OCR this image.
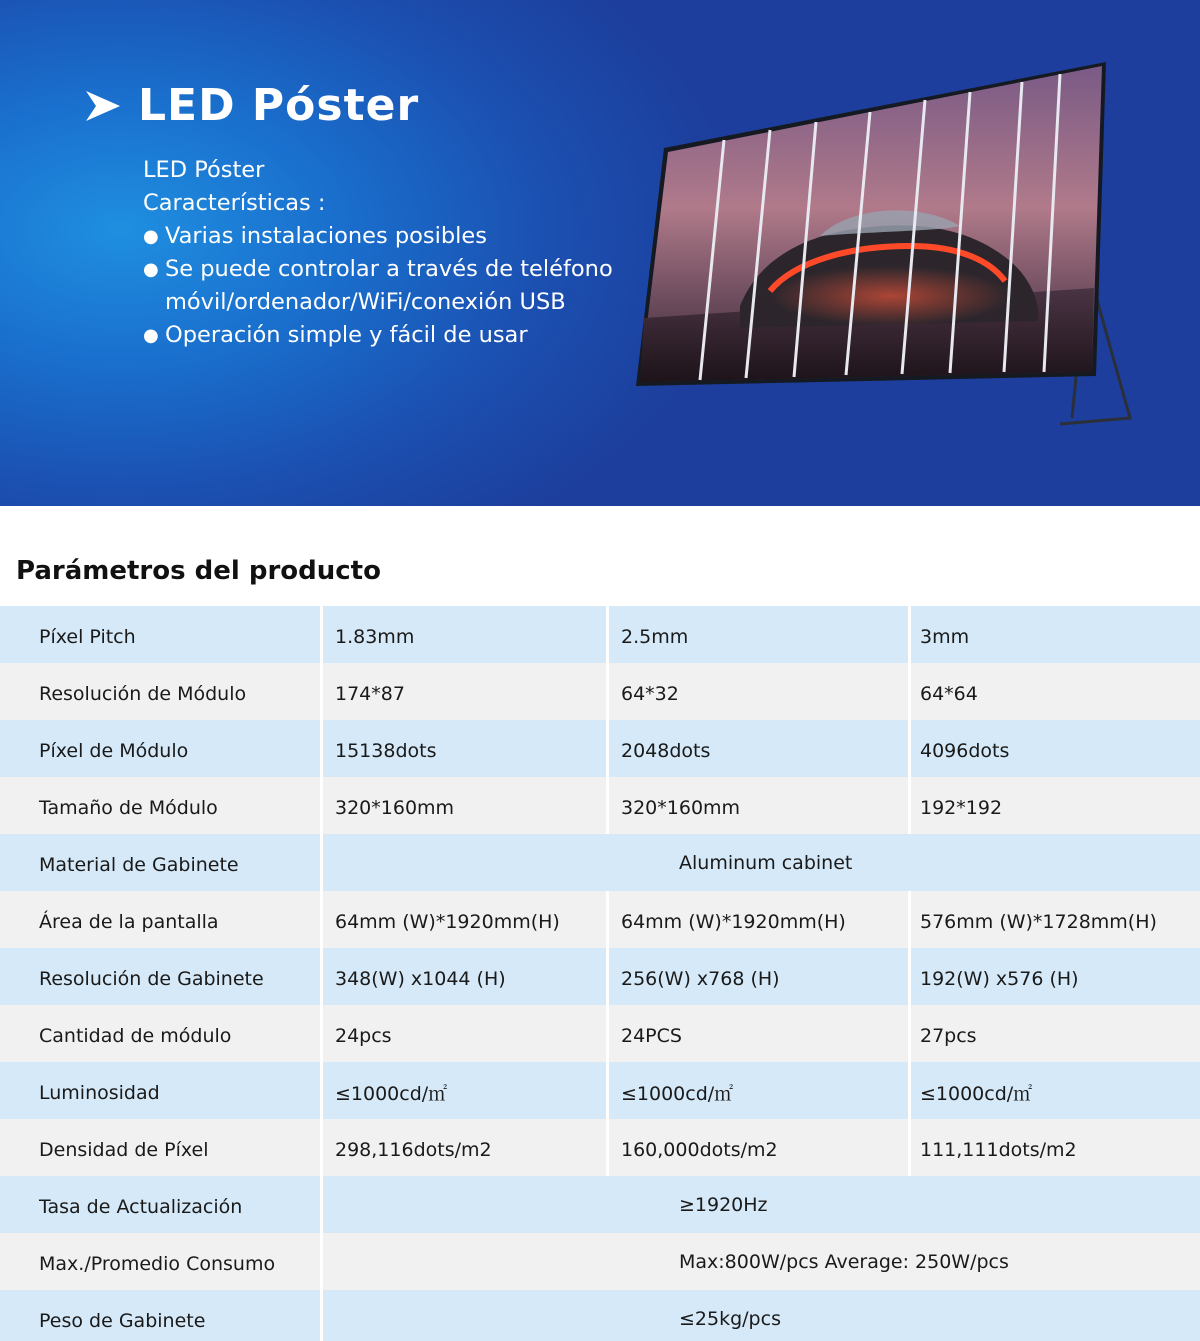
LED Póster
LED Póster
Características :
● Varias instalaciones posibles
● Se puede controlar a través de teléfono
móvil/ordenador/WiFi/conexión USB
● Operación simple y fácil de usar
Parámetros del producto
Píxel Pitch	1.83mm	2.5mm	3mm
Resolución de Módulo	174*87	64*32	64*64
Píxel de Módulo	15138dots	2048dots	4096dots
Tamaño de Módulo	320*160mm	320*160mm	192*192
Material de Gabinete	Aluminum cabinet
Área de la pantalla	64mm (W)*1920mm(H)	64mm (W)*1920mm(H)	576mm (W)*1728mm(H)
Resolución de Gabinete	348(W) x1044 (H)	256(W) x768 (H)	192(W) x576 (H)
Cantidad de módulo	24pcs	24PCS	27pcs
Luminosidad	≤1000cd/㎡	≤1000cd/㎡	≤1000cd/㎡
Densidad de Píxel	298,116dots/m2	160,000dots/m2	111,111dots/m2
Tasa de Actualización	≥1920Hz
Max./Promedio Consumo	Max:800W/pcs Average: 250W/pcs
Peso de Gabinete	≤25kg/pcs
